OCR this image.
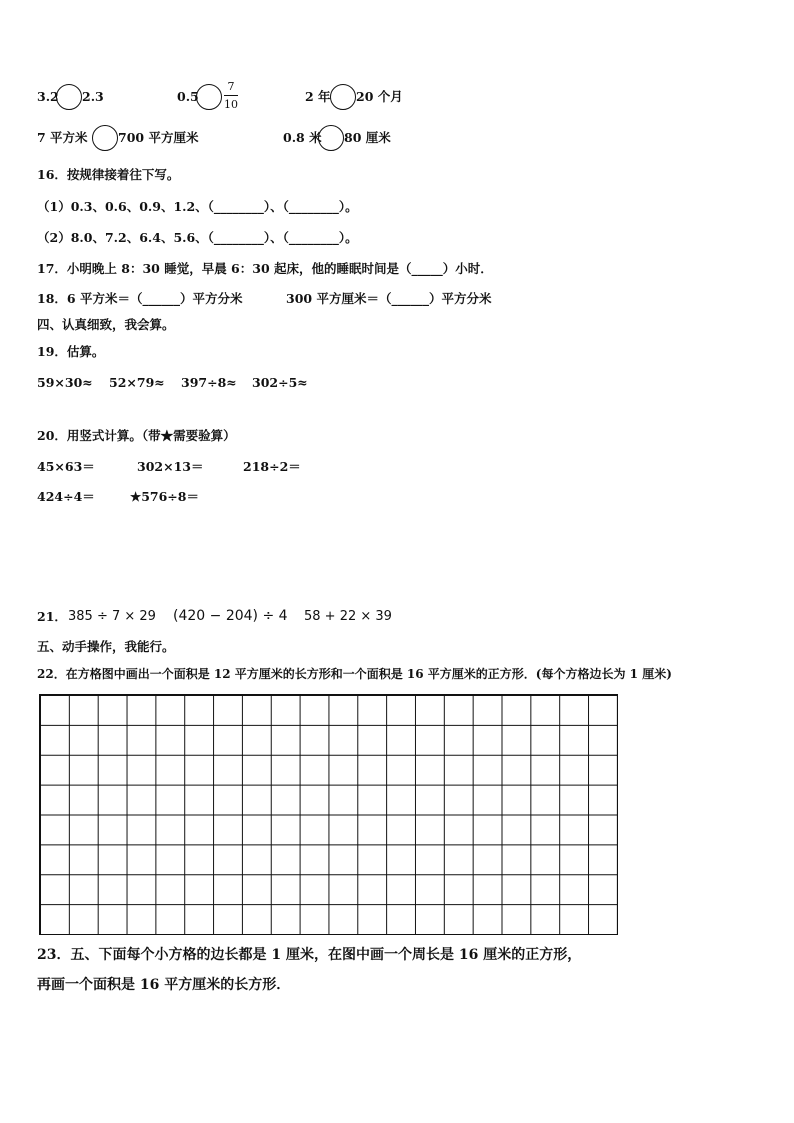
3.2 2.3	0.5
7
10
2 年 20 个月
7 平方米 700 平方厘米	0.8 米 80 厘米
16．按规律接着往下写。
（1）0.3、0.6、0.9、1.2、（________）、（________）。
（2）8.0、7.2、6.4、5.6、（________）、（________）。
17．小明晚上 8：30 睡觉，早晨 6：30 起床，他的睡眠时间是（_____）小时．
18．6 平方米＝（______）平方分米	300 平方厘米＝（______）平方分米
四、认真细致，我会算。
19．估算。
59×30≈ 52×79≈ 397÷8≈ 302÷5≈
20．用竖式计算。（带★需要验算）
45×63＝	302×13＝	218÷2＝
424÷4＝	★576÷8＝
21． 385 ÷ 7 × 29 (420 − 204) ÷ 4 58 + 22 × 39
五、动手操作，我能行。
22．在方格图中画出一个面积是 12 平方厘米的长方形和一个面积是 16 平方厘米的正方形．(每个方格边长为 1 厘米)
23．五、下面每个小方格的边长都是 1 厘米，在图中画一个周长是 16 厘米的正方形，
再画一个面积是 16 平方厘米的长方形．
